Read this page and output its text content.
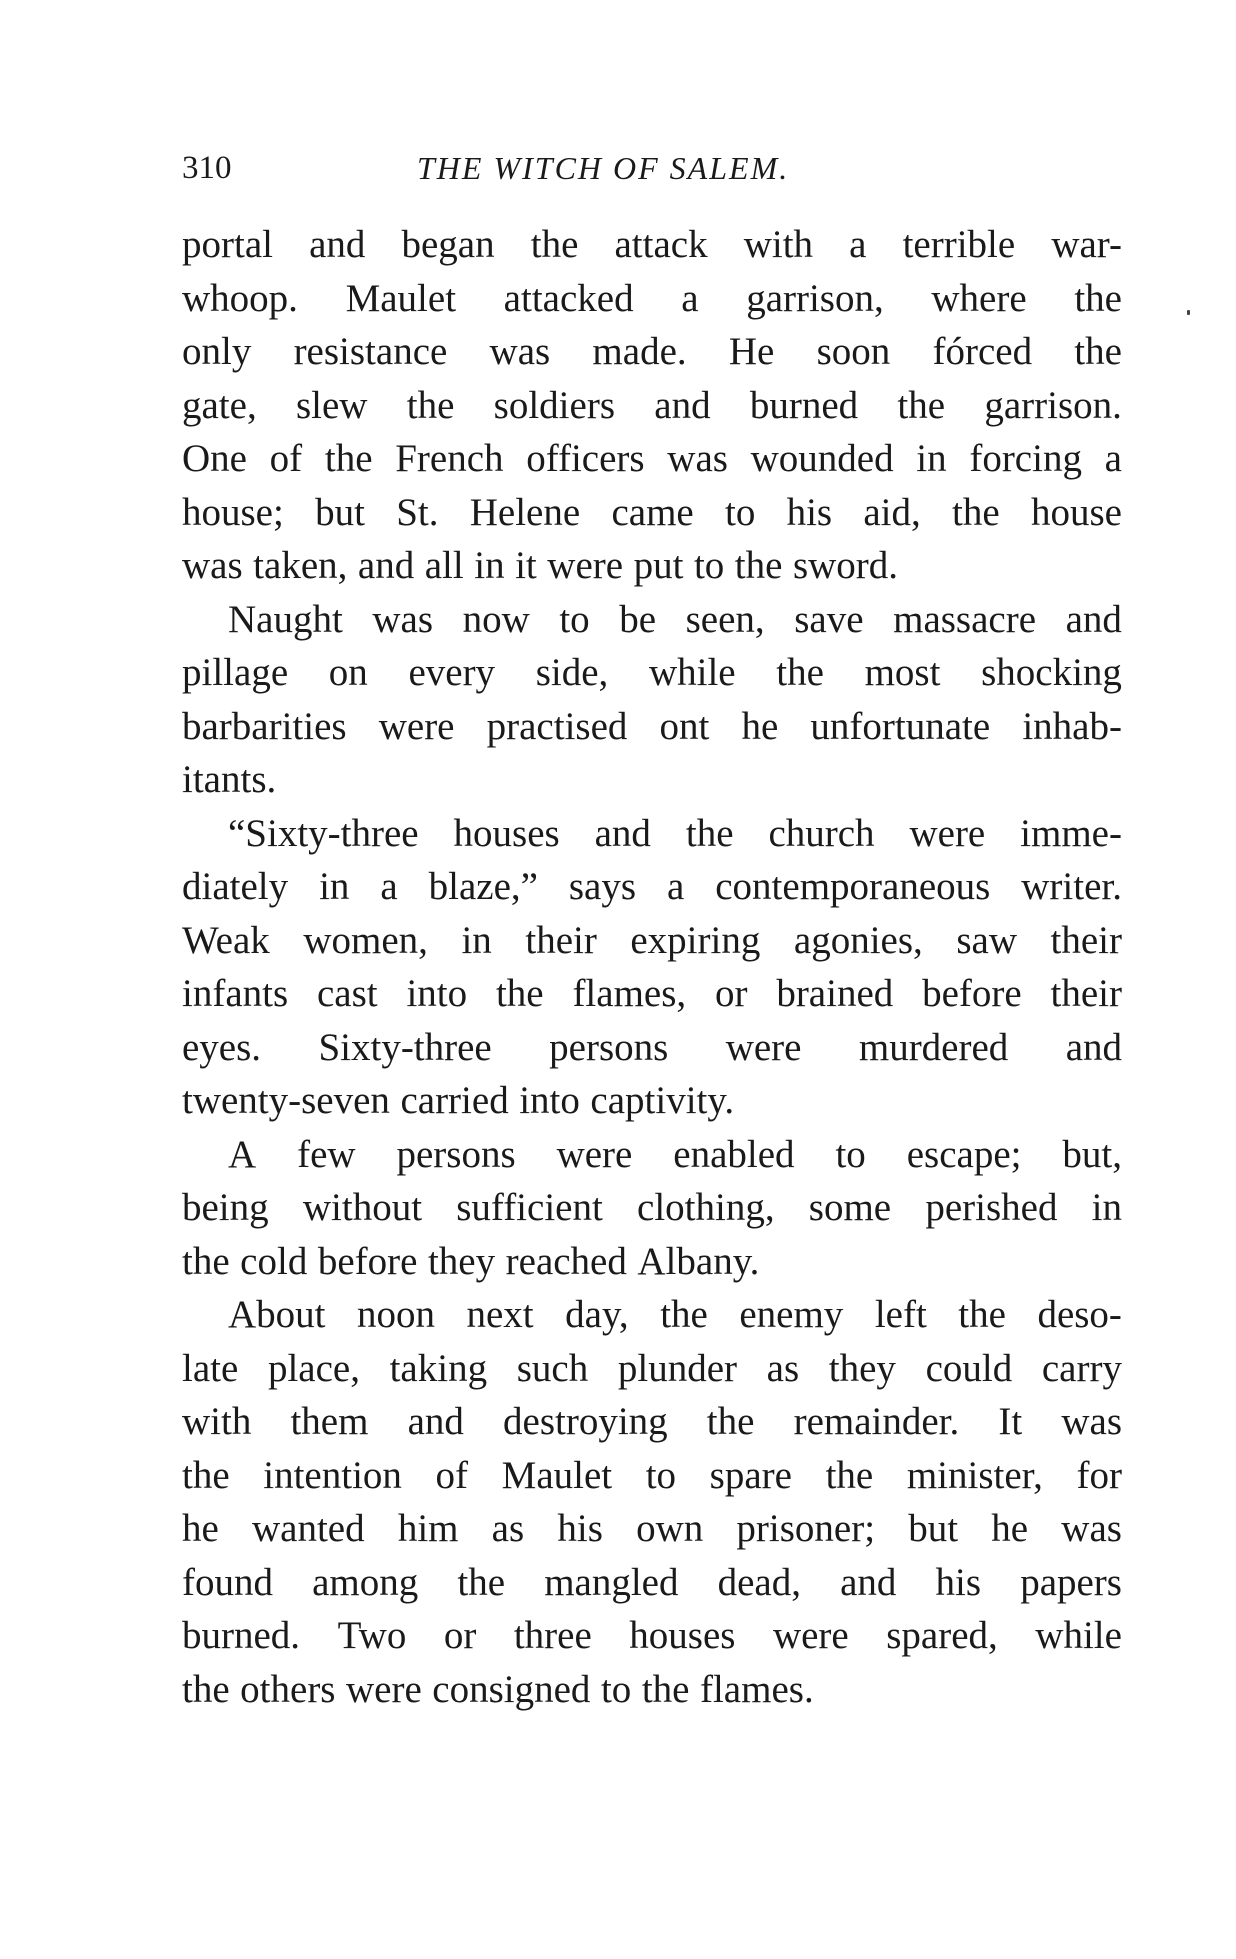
310	THE WITCH OF SALEM.
portal and began the attack with a terrible war-
whoop. Maulet attacked a garrison, where the
only resistance was made. He soon fórced the
gate, slew the soldiers and burned the garrison.
One of the French officers was wounded in forcing a
house; but St. Helene came to his aid, the house
was taken, and all in it were put to the sword.
Naught was now to be seen, save massacre and
pillage on every side, while the most shocking
barbarities were practised ont he unfortunate inhab-
itants.
“Sixty-three houses and the church were imme-
diately in a blaze,” says a contemporaneous writer.
Weak women, in their expiring agonies, saw their
infants cast into the flames, or brained before their
eyes. Sixty-three persons were murdered and
twenty-seven carried into captivity.
A few persons were enabled to escape; but,
being without sufficient clothing, some perished in
the cold before they reached Albany.
About noon next day, the enemy left the deso-
late place, taking such plunder as they could carry
with them and destroying the remainder. It was
the intention of Maulet to spare the minister, for
he wanted him as his own prisoner; but he was
found among the mangled dead, and his papers
burned. Two or three houses were spared, while
the others were consigned to the flames.
